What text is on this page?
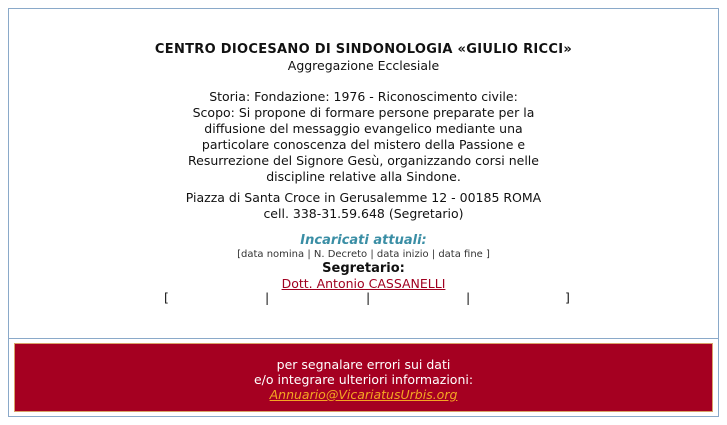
CENTRO DIOCESANO DI SINDONOLOGIA «GIULIO RICCI»
Aggregazione Ecclesiale
Storia: Fondazione: 1976 - Riconoscimento civile:
Scopo: Si propone di formare persone preparate per la
diffusione del messaggio evangelico mediante una
particolare conoscenza del mistero della Passione e
Resurrezione del Signore Gesù, organizzando corsi nelle
discipline relative alla Sindone.
Piazza di Santa Croce in Gerusalemme 12 - 00185 ROMA
cell. 338-31.59.648 (Segretario)
Incaricati attuali:
[data nomina | N. Decreto | data inizio | data fine ]
Segretario:
Dott. Antonio CASSANELLI
[	|	|	|	]
per segnalare errori sui dati
e/o integrare ulteriori informazioni:
Annuario@VicariatusUrbis.org
